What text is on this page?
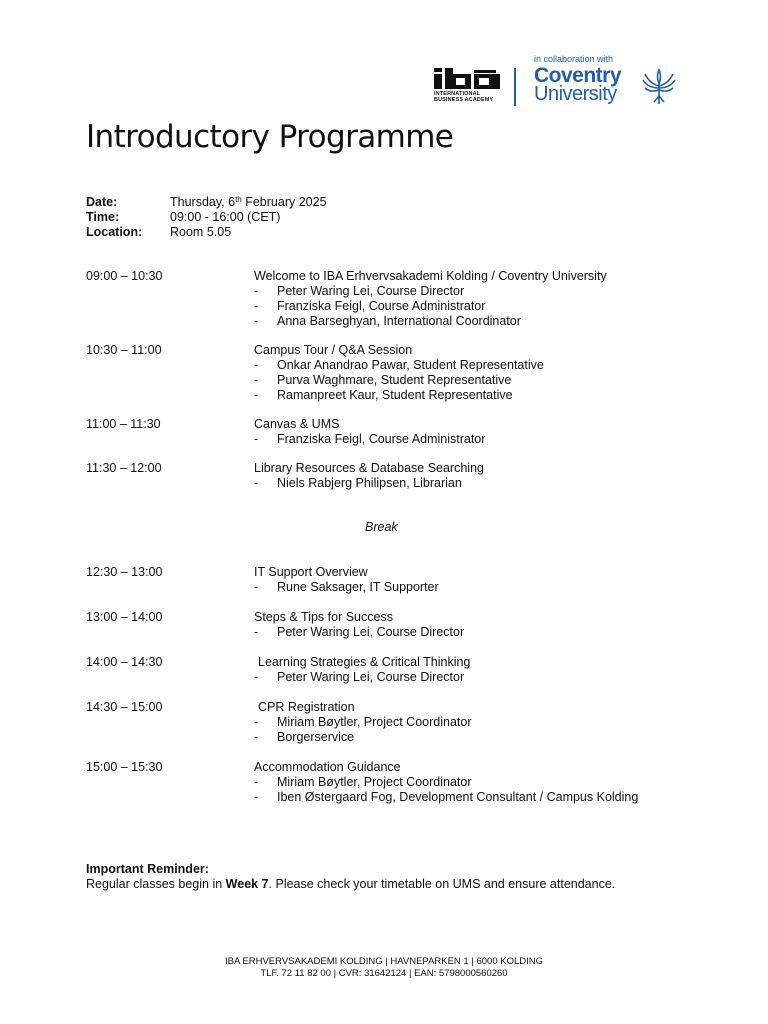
INTERNATIONAL
BUSINESS ACADEMY
in collaboration with
Coventry
University
Introductory Programme
Date:	Thursday, 6th February 2025
Time:	09:00 - 16:00 (CET)
Location: Room 5.05
09:00 – 10:30	Welcome to IBA Erhvervsakademi Kolding / Coventry University
- Peter Waring Lei, Course Director
- Franziska Feigl, Course Administrator
- Anna Barseghyan, International Coordinator
10:30 – 11:00	Campus Tour / Q&A Session
- Onkar Anandrao Pawar, Student Representative
- Purva Waghmare, Student Representative
- Ramanpreet Kaur, Student Representative
11:00 – 11:30	Canvas & UMS
- Franziska Feigl, Course Administrator
11:30 – 12:00	Library Resources & Database Searching
- Niels Rabjerg Philipsen, Librarian
Break
12:30 – 13:00	IT Support Overview
- Rune Saksager, IT Supporter
13:00 – 14:00	Steps & Tips for Success
- Peter Waring Lei, Course Director
14:00 – 14:30	Learning Strategies & Critical Thinking
- Peter Waring Lei, Course Director
14:30 – 15:00	CPR Registration
- Miriam Bøytler, Project Coordinator
- Borgerservice
15:00 – 15:30	Accommodation Guidance
- Miriam Bøytler, Project Coordinator
- Iben Østergaard Fog, Development Consultant / Campus Kolding
Important Reminder:
Regular classes begin in Week 7. Please check your timetable on UMS and ensure attendance.
IBA ERHVERVSAKADEMI KOLDING | HAVNEPARKEN 1 | 6000 KOLDING
TLF. 72 11 82 00 | CVR: 31642124 | EAN: 5798000560260
